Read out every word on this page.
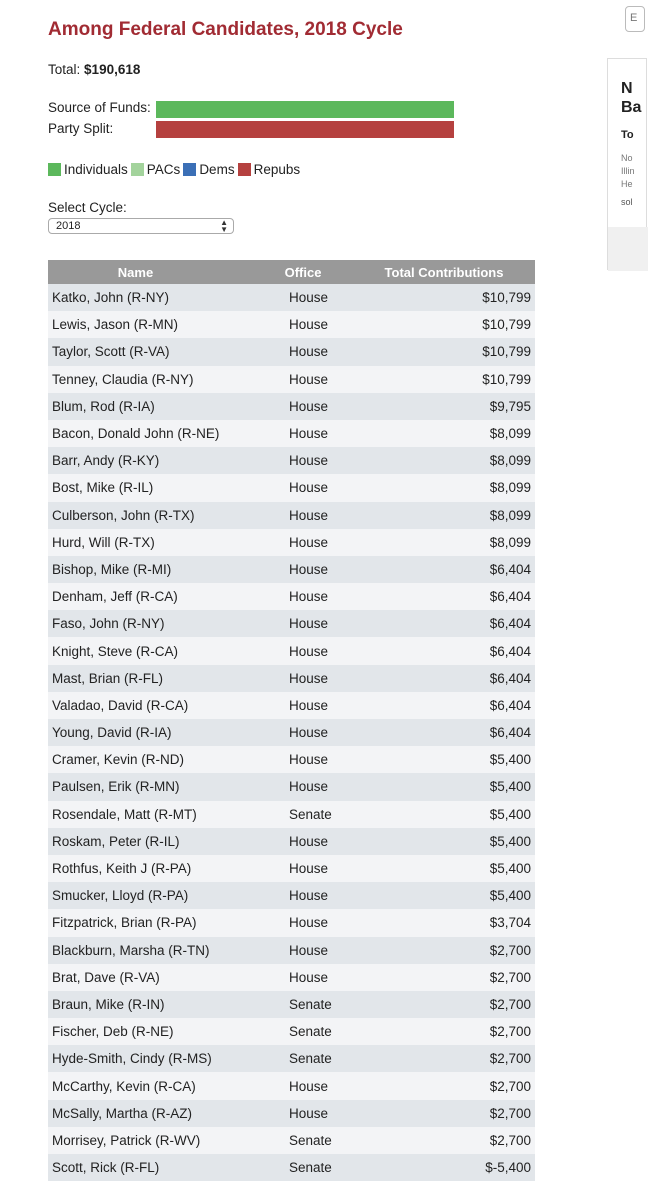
Among Federal Candidates, 2018 Cycle
Total: $190,618
Source of Funds:
Party Split:
Individuals PACs Dems Repubs
Select Cycle:
2018	▲
▼
Name	Office	Total Contributions
Katko, John (R-NY)	House	$10,799
Lewis, Jason (R-MN)	House	$10,799
Taylor, Scott (R-VA)	House	$10,799
Tenney, Claudia (R-NY)	House	$10,799
Blum, Rod (R-IA)	House	$9,795
Bacon, Donald John (R-NE)	House	$8,099
Barr, Andy (R-KY)	House	$8,099
Bost, Mike (R-IL)	House	$8,099
Culberson, John (R-TX)	House	$8,099
Hurd, Will (R-TX)	House	$8,099
Bishop, Mike (R-MI)	House	$6,404
Denham, Jeff (R-CA)	House	$6,404
Faso, John (R-NY)	House	$6,404
Knight, Steve (R-CA)	House	$6,404
Mast, Brian (R-FL)	House	$6,404
Valadao, David (R-CA)	House	$6,404
Young, David (R-IA)	House	$6,404
Cramer, Kevin (R-ND)	House	$5,400
Paulsen, Erik (R-MN)	House	$5,400
Rosendale, Matt (R-MT)	Senate	$5,400
Roskam, Peter (R-IL)	House	$5,400
Rothfus, Keith J (R-PA)	House	$5,400
Smucker, Lloyd (R-PA)	House	$5,400
Fitzpatrick, Brian (R-PA)	House	$3,704
Blackburn, Marsha (R-TN)	House	$2,700
Brat, Dave (R-VA)	House	$2,700
Braun, Mike (R-IN)	Senate	$2,700
Fischer, Deb (R-NE)	Senate	$2,700
Hyde-Smith, Cindy (R-MS)	Senate	$2,700
McCarthy, Kevin (R-CA)	House	$2,700
McSally, Martha (R-AZ)	House	$2,700
Morrisey, Patrick (R-WV)	Senate	$2,700
Scott, Rick (R-FL)	Senate	$-5,400
E
N
Ba
To
No
Illin
He
sol
